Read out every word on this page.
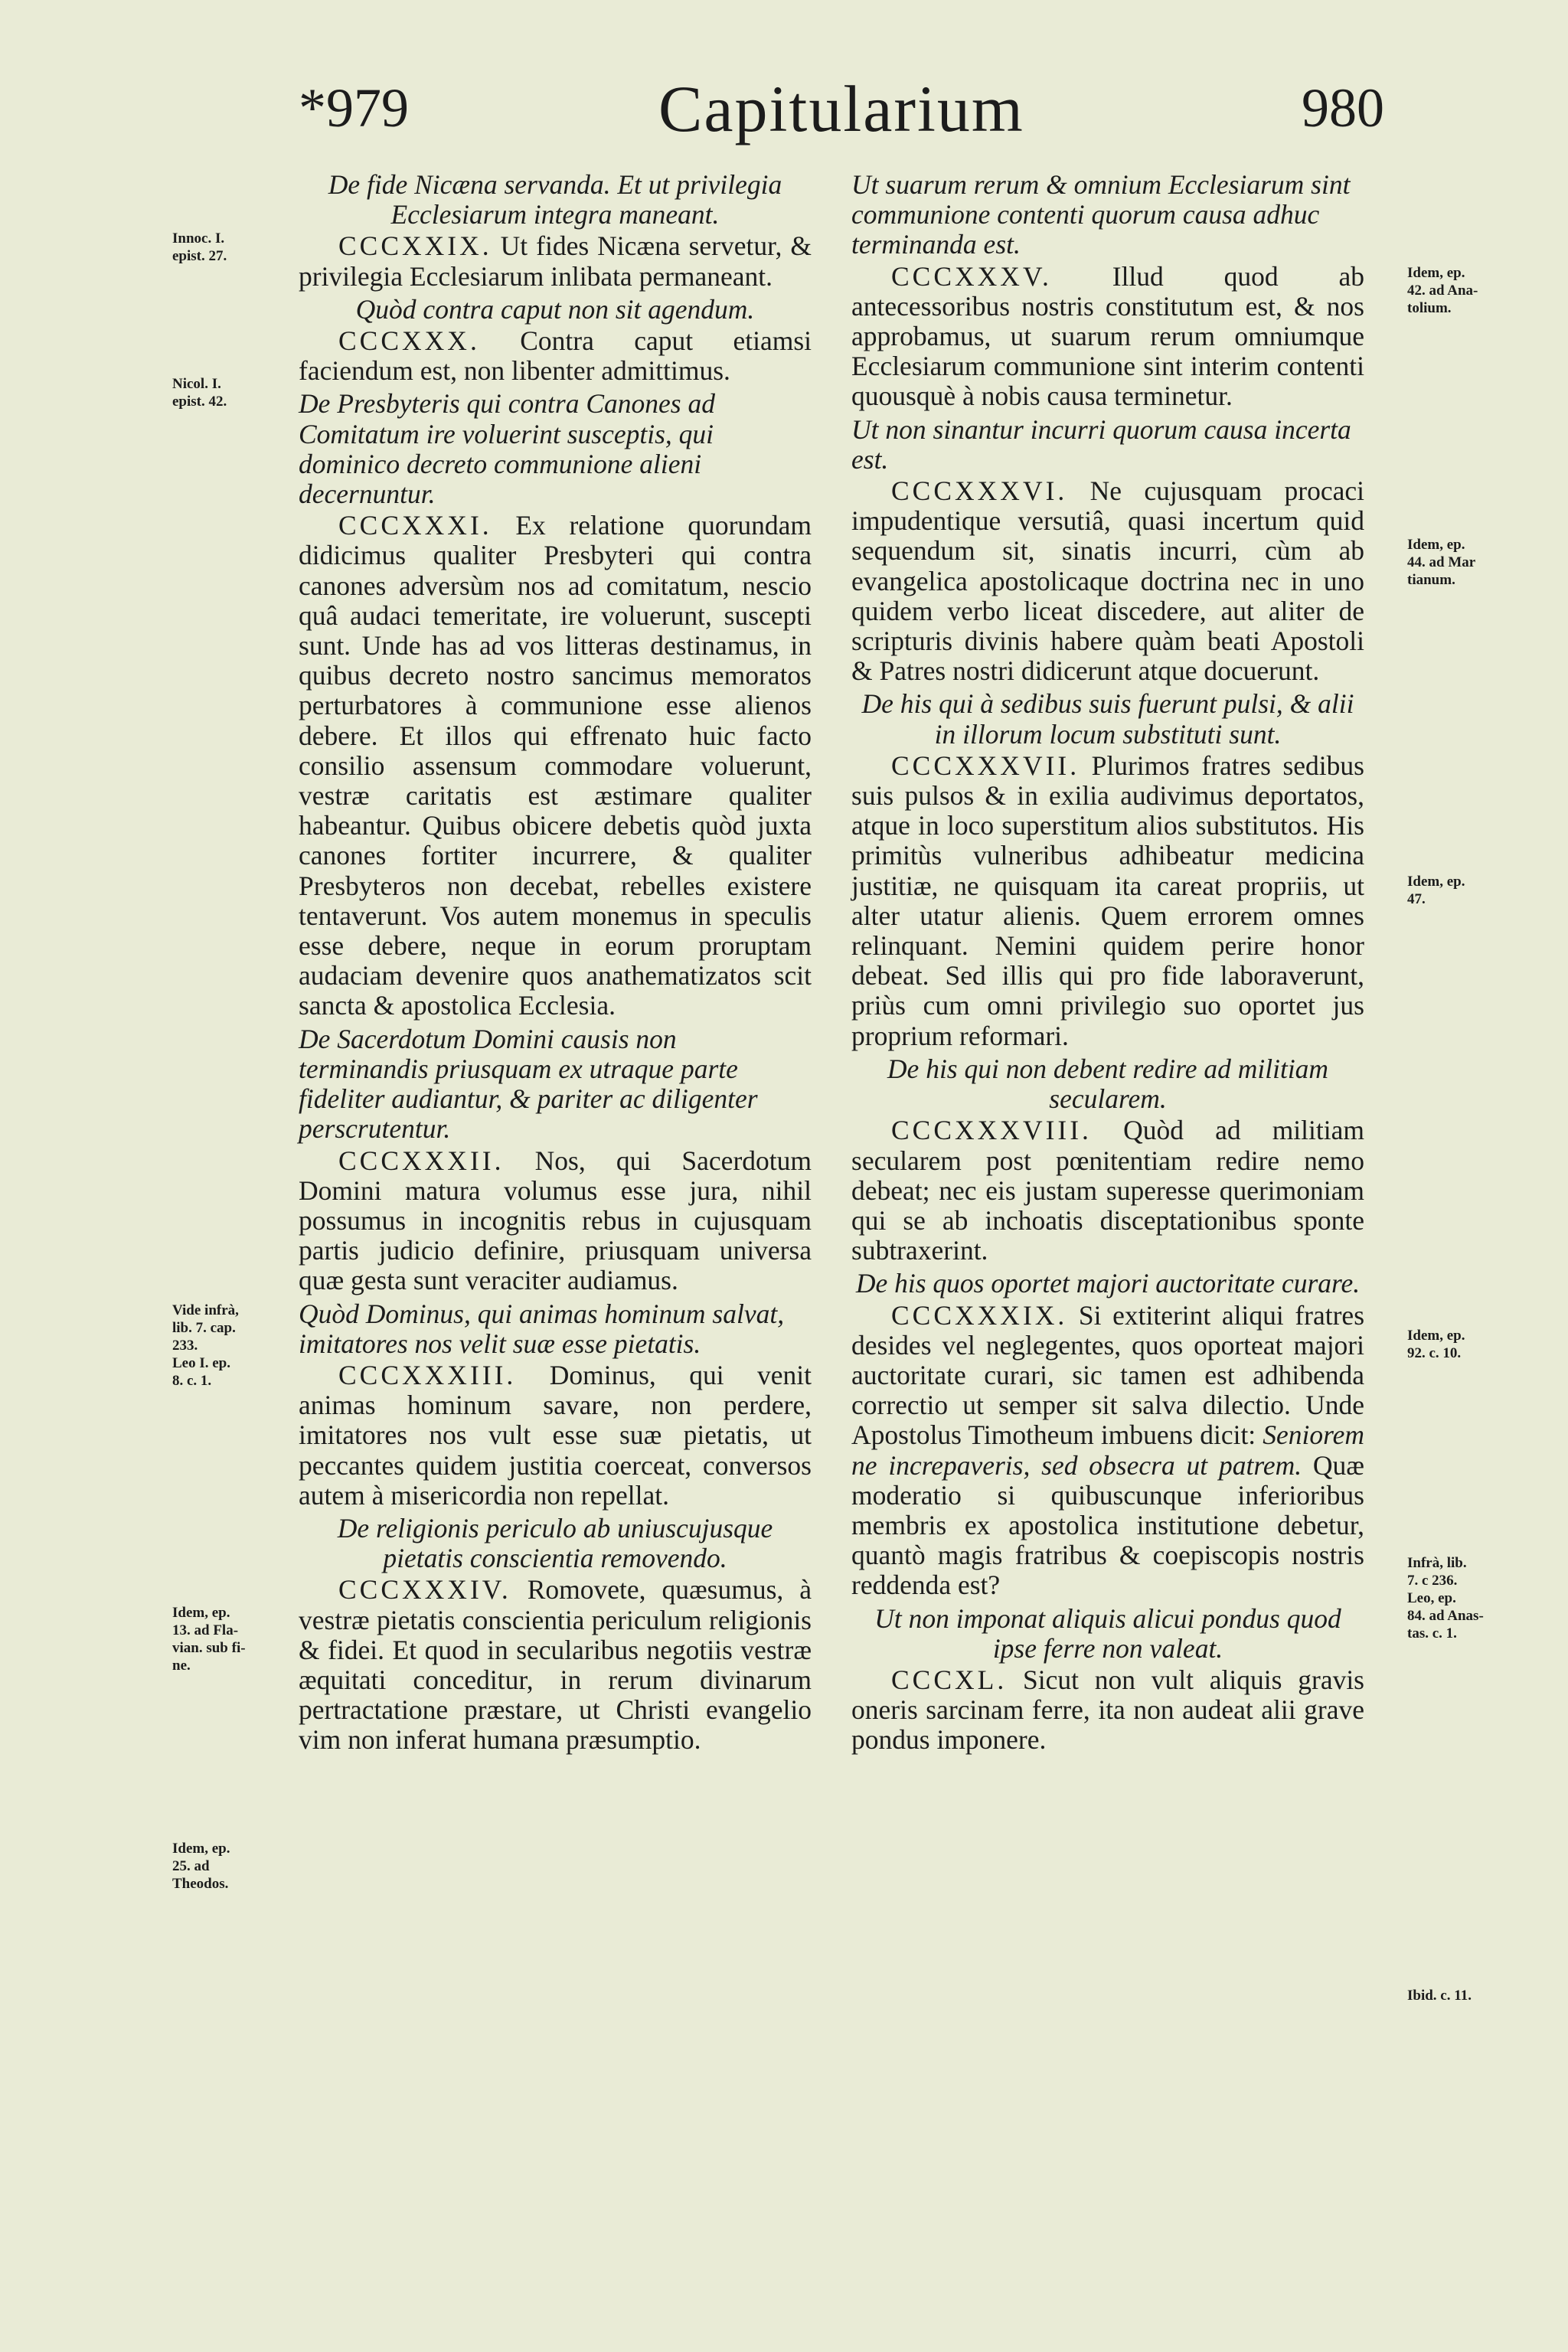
*979	Capitularium	980
De fide Nicæna servanda. Et ut privilegia
Ecclesiarum integra maneant.
CCCXXIX. Ut fides Nicæna servetur, & privilegia Ecclesiarum inlibata permaneant.
Quòd contra caput non sit agendum.
CCCXXX. Contra caput etiamsi faciendum est, non libenter admittimus.
De Presbyteris qui contra Canones ad Comitatum ire voluerint susceptis, qui dominico decreto communione alieni decernuntur.
CCCXXXI. Ex relatione quorundam didicimus qualiter Presbyteri qui contra canones adversùm nos ad comitatum, nescio quâ audaci temeritate, ire voluerunt, suscepti sunt. Unde has ad vos litteras destinamus, in quibus decreto nostro sancimus memoratos perturbatores à communione esse alienos debere. Et illos qui effrenato huic facto consilio assensum commodare voluerunt, vestræ caritatis est æstimare qualiter habeantur. Quibus obicere debetis quòd juxta canones fortiter incurrere, & qualiter Presbyteros non decebat, rebelles existere tentaverunt. Vos autem monemus in speculis esse debere, neque in eorum proruptam audaciam devenire quos anathematizatos scit sancta & apostolica Ecclesia.
De Sacerdotum Domini causis non terminandis priusquam ex utraque parte fideliter audiantur, & pariter ac diligenter perscrutentur.
CCCXXXII. Nos, qui Sacerdotum Domini matura volumus esse jura, nihil possumus in incognitis rebus in cujusquam partis judicio definire, priusquam universa quæ gesta sunt veraciter audiamus.
Quòd Dominus, qui animas hominum salvat, imitatores nos velit suæ esse pietatis.
CCCXXXIII. Dominus, qui venit animas hominum savare, non perdere, imitatores nos vult esse suæ pietatis, ut peccantes quidem justitia coerceat, conversos autem à misericordia non repellat.
De religionis periculo ab uniuscujusque
pietatis conscientia removendo.
CCCXXXIV. Romovete, quæsumus, à vestræ pietatis conscientia periculum religionis & fidei. Et quod in secularibus negotiis vestræ æquitati conceditur, in rerum divinarum pertractatione præstare, ut Christi evangelio vim non inferat humana præsumptio.
Ut suarum rerum & omnium Ecclesiarum sint communione contenti quorum causa adhuc terminanda est.
CCCXXXV. Illud quod ab antecessoribus nostris constitutum est, & nos approbamus, ut suarum rerum omniumque Ecclesiarum communione sint interim contenti quousquè à nobis causa terminetur.
Ut non sinantur incurri quorum causa incerta est.
CCCXXXVI. Ne cujusquam procaci impudentique versutiâ, quasi incertum quid sequendum sit, sinatis incurri, cùm ab evangelica apostolicaque doctrina nec in uno quidem verbo liceat discedere, aut aliter de scripturis divinis habere quàm beati Apostoli & Patres nostri didicerunt atque docuerunt.
De his qui à sedibus suis fuerunt pulsi, & alii
in illorum locum substituti sunt.
CCCXXXVII. Plurimos fratres sedibus suis pulsos & in exilia audivimus deportatos, atque in loco superstitum alios substitutos. His primitùs vulneribus adhibeatur medicina justitiæ, ne quisquam ita careat propriis, ut alter utatur alienis. Quem errorem omnes relinquant. Nemini quidem perire honor debeat. Sed illis qui pro fide laboraverunt, priùs cum omni privilegio suo oportet jus proprium reformari.
De his qui non debent redire ad militiam
secularem.
CCCXXXVIII. Quòd ad militiam secularem post pœnitentiam redire nemo debeat; nec eis justam superesse querimoniam qui se ab inchoatis disceptationibus sponte subtraxerint.
De his quos oportet majori auctoritate curare.
CCCXXXIX. Si extiterint aliqui fratres desides vel neglegentes, quos oporteat majori auctoritate curari, sic tamen est adhibenda correctio ut semper sit salva dilectio. Unde Apostolus Timotheum imbuens dicit: Seniorem ne increpaveris, sed obsecra ut patrem. Quæ moderatio si quibuscunque inferioribus membris ex apostolica institutione debetur, quantò magis fratribus & coepiscopis nostris reddenda est?
Ut non imponat aliquis alicui pondus quod
ipse ferre non valeat.
CCCXL. Sicut non vult aliquis gravis oneris sarcinam ferre, ita non audeat alii grave pondus imponere.
Innoc. I.
epist. 27.
Nicol. I.
epist. 42.
Vide infrà,
lib. 7. cap.
233.
Leo I. ep.
8. c. 1.
Idem, ep.
13. ad Fla-
vian. sub fi-
ne.
Idem, ep.
25. ad
Theodos.
Idem, ep.
42. ad Ana-
tolium.
Idem, ep.
44. ad Mar
tianum.
Idem, ep.
47.
Idem, ep.
92. c. 10.
Infrà, lib.
7. c 236.
Leo, ep.
84. ad Anas-
tas. c. 1.
Ibid. c. 11.
